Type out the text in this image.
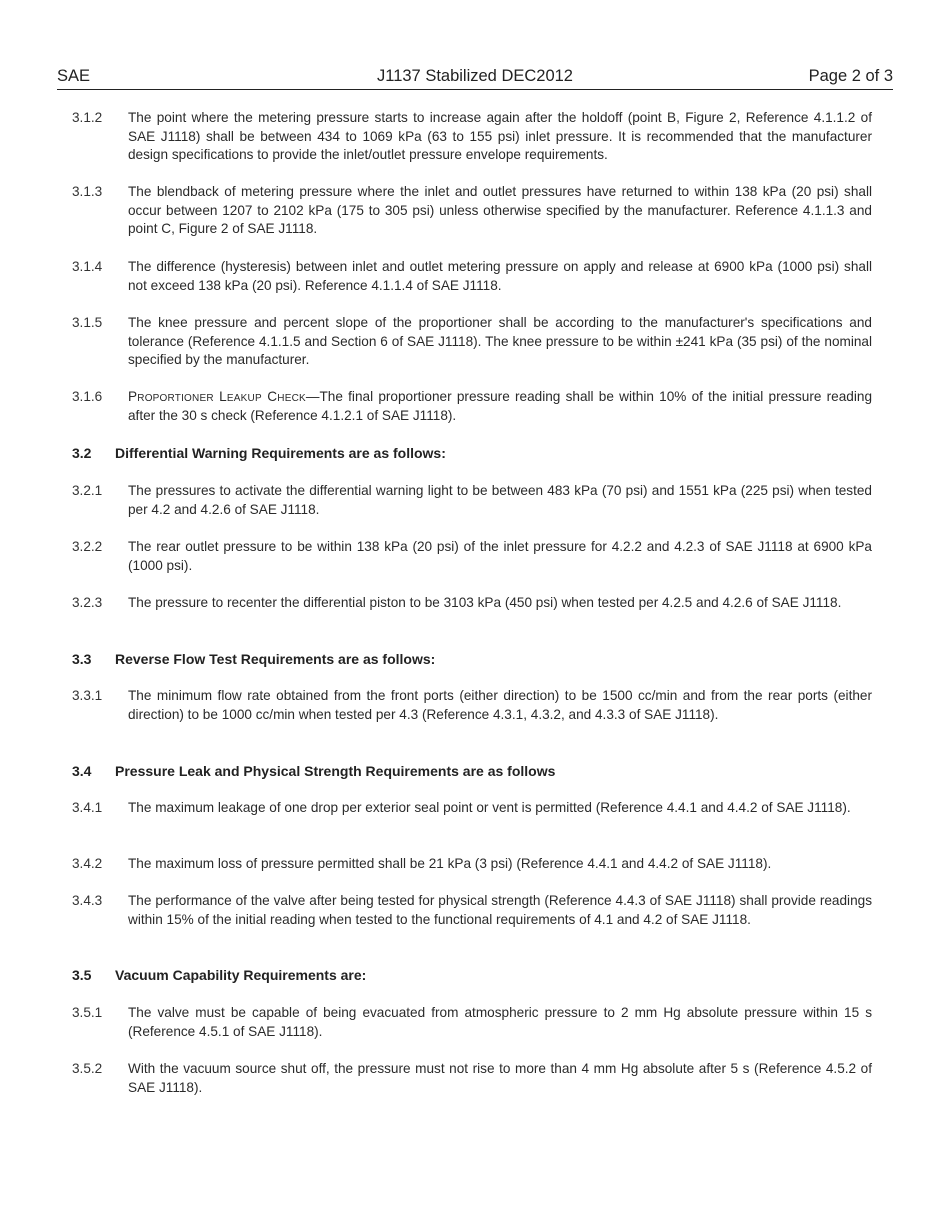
SAE	J1137 Stabilized DEC2012	Page 2 of 3
3.1.2	The point where the metering pressure starts to increase again after the holdoff (point B, Figure 2, Reference 4.1.1.2 of SAE J1118) shall be between 434 to 1069 kPa (63 to 155 psi) inlet pressure. It is recommended that the manufacturer design specifications to provide the inlet/outlet pressure envelope requirements.
3.1.3	The blendback of metering pressure where the inlet and outlet pressures have returned to within 138 kPa (20 psi) shall occur between 1207 to 2102 kPa (175 to 305 psi) unless otherwise specified by the manufacturer. Reference 4.1.1.3 and point C, Figure 2 of SAE J1118.
3.1.4	The difference (hysteresis) between inlet and outlet metering pressure on apply and release at 6900 kPa (1000 psi) shall not exceed 138 kPa (20 psi). Reference 4.1.1.4 of SAE J1118.
3.1.5	The knee pressure and percent slope of the proportioner shall be according to the manufacturer's specifications and tolerance (Reference 4.1.1.5 and Section 6 of SAE J1118). The knee pressure to be within ±241 kPa (35 psi) of the nominal specified by the manufacturer.
3.1.6	Proportioner Leakup Check—The final proportioner pressure reading shall be within 10% of the initial pressure reading after the 30 s check (Reference 4.1.2.1 of SAE J1118).
3.2	Differential Warning Requirements are as follows:
3.2.1	The pressures to activate the differential warning light to be between 483 kPa (70 psi) and 1551 kPa (225 psi) when tested per 4.2 and 4.2.6 of SAE J1118.
3.2.2	The rear outlet pressure to be within 138 kPa (20 psi) of the inlet pressure for 4.2.2 and 4.2.3 of SAE J1118 at 6900 kPa (1000 psi).
3.2.3	The pressure to recenter the differential piston to be 3103 kPa (450 psi) when tested per 4.2.5 and 4.2.6 of SAE J1118.
3.3	Reverse Flow Test Requirements are as follows:
3.3.1	The minimum flow rate obtained from the front ports (either direction) to be 1500 cc/min and from the rear ports (either direction) to be 1000 cc/min when tested per 4.3 (Reference 4.3.1, 4.3.2, and 4.3.3 of SAE J1118).
3.4	Pressure Leak and Physical Strength Requirements are as follows
3.4.1	The maximum leakage of one drop per exterior seal point or vent is permitted (Reference 4.4.1 and 4.4.2 of SAE J1118).
3.4.2	The maximum loss of pressure permitted shall be 21 kPa (3 psi) (Reference 4.4.1 and 4.4.2 of SAE J1118).
3.4.3	The performance of the valve after being tested for physical strength (Reference 4.4.3 of SAE J1118) shall provide readings within 15% of the initial reading when tested to the functional requirements of 4.1 and 4.2 of SAE J1118.
3.5	Vacuum Capability Requirements are:
3.5.1	The valve must be capable of being evacuated from atmospheric pressure to 2 mm Hg absolute pressure within 15 s (Reference 4.5.1 of SAE J1118).
3.5.2	With the vacuum source shut off, the pressure must not rise to more than 4 mm Hg absolute after 5 s (Reference 4.5.2 of SAE J1118).
